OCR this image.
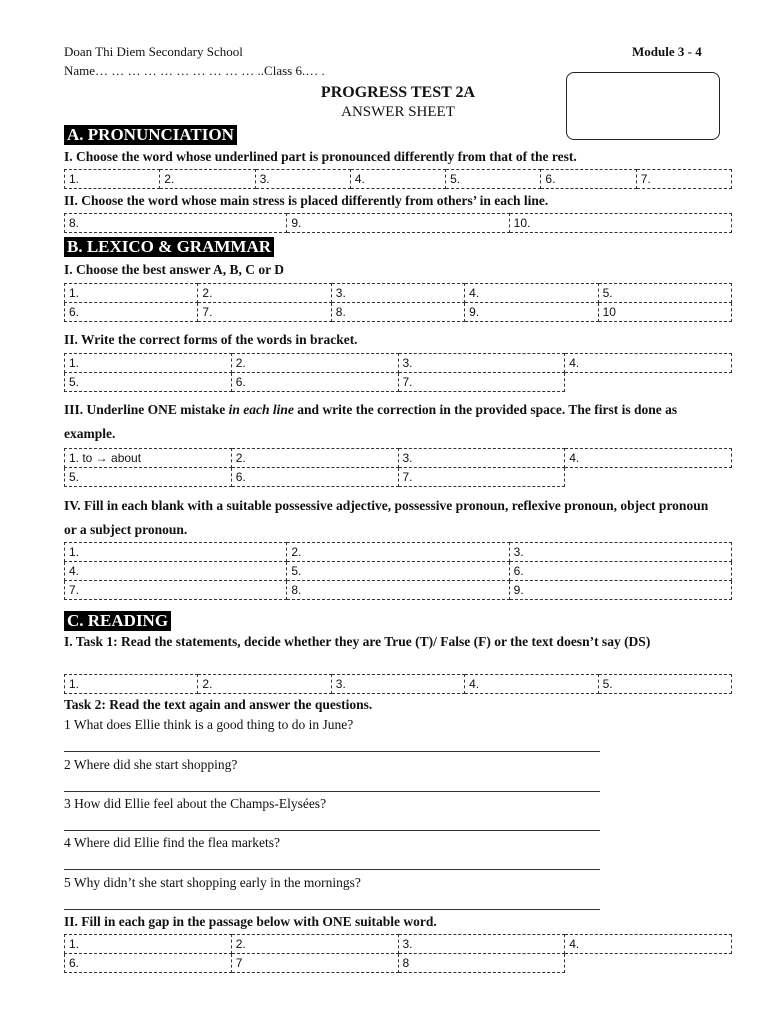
Doan Thi Diem Secondary School	Module 3 - 4
Name… … … … … … … … … … ..Class 6.… .
PROGRESS TEST 2A
ANSWER SHEET
A. PRONUNCIATION
I. Choose the word whose underlined part is pronounced differently from that of the rest.
1.	2.	3.	4.	5.	6.	7.
II. Choose the word whose main stress is placed differently from others’ in each line.
8.	9.	10.
B. LEXICO & GRAMMAR
I. Choose the best answer A, B, C or D
1.	2.	3.	4.	5.
6.	7.	8.	9.	10
II. Write the correct forms of the words in bracket.
1.	2.	3.	4.
5.	6.	7.	
III. Underline ONE mistake in each line and write the correction in the provided space. The first is done as example.
1. to → about	2.	3.	4.
5.	6.	7.	
IV. Fill in each blank with a suitable possessive adjective, possessive pronoun, reflexive pronoun, object pronoun or a subject pronoun.
1.	2.	3.
4.	5.	6.
7.	8.	9.
C. READING
I. Task 1: Read the statements, decide whether they are True (T)/ False (F) or the text doesn’t say (DS)
1.	2.	3.	4.	5.
Task 2: Read the text again and answer the questions.
1 What does Ellie think is a good thing to do in June?
2 Where did she start shopping?
3 How did Ellie feel about the Champs-Elysées?
4 Where did Ellie find the flea markets?
5 Why didn’t she start shopping early in the mornings?
II. Fill in each gap in the passage below with ONE suitable word.
1.	2.	3.	4.
6.	7	8	
